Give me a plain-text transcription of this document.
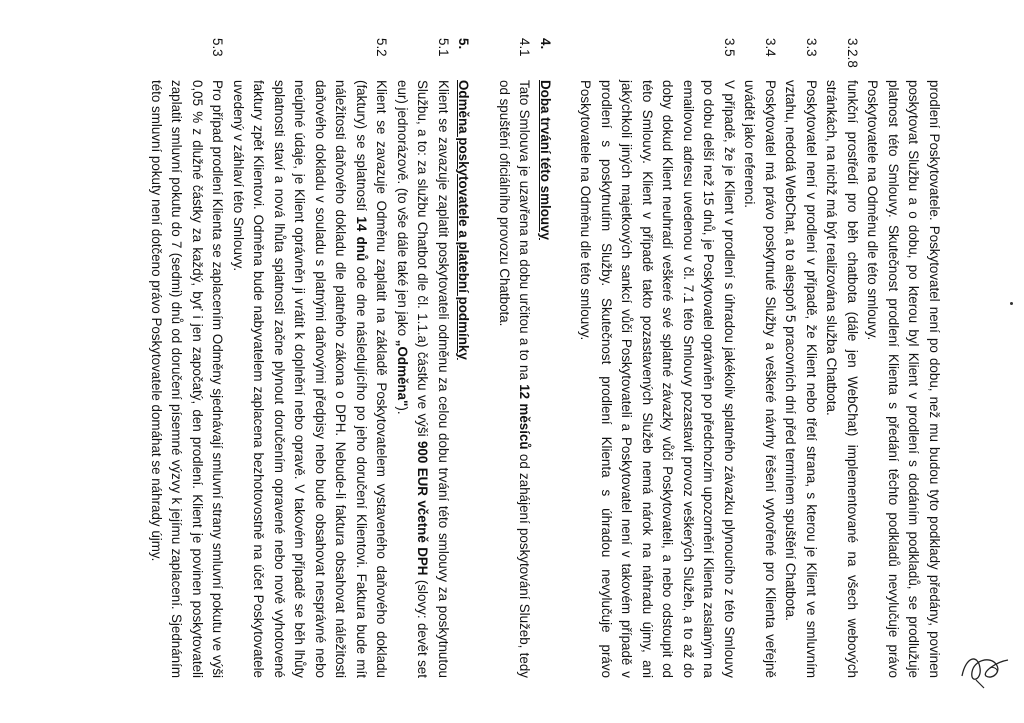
prodlení Poskytovatele. Poskytovatel není po dobu, než mu budou tyto podklady předány, povinen poskytovat Službu a o dobu, po kterou byl Klient v prodlení s dodáním podkladů, se prodlužuje platnost této Smlouvy. Skutečnost prodlení Klienta s předání těchto podkladů nevylučuje právo Poskytovatele na Odměnu dle této smlouvy.
3.2.8
funkční prostředí pro běh chatbota (dále jen WebChat) implementované na všech webových stránkách, na nichž má být realizována služba Chatbota.
3.3
Poskytovatel není v prodlení v případě, že Klient nebo třetí strana, s kterou je Klient ve smluvním vztahu, nedodá WebChat, a to alespoň 5 pracovních dní před termínem spuštění Chatbota.
3.4
Poskytovatel má právo poskytnuté Služby a veškeré návrhy řešení vytvořené pro Klienta veřejně uvádět jako referenci.
3.5
V případě, že je Klient v prodlení s úhradou jakékoliv splatného závazku plynoucího z této Smlouvy po dobu delší než 15 dnů, je Poskytovatel oprávněn po předchozím upozornění Klienta zaslaným na emailovou adresu uvedenou v čl. 7.1 této Smlouvy pozastavit provoz veškerých Služeb, a to až do doby dokud Klient neuhradí veškeré své splatné závazky vůči Poskytovateli, a nebo odstoupit od této Smlouvy. Klient v případě takto pozastavených Služeb nemá nárok na náhradu újmy, ani jakýchkoli jiných majetkových sankcí vůči Poskytovateli a Poskytovatel není v takovém případě v prodlení s poskytnutím Služby. Skutečnost prodlení Klienta s úhradou nevylučuje právo Poskytovatele na Odměnu dle této smlouvy.
4.
Doba trvání této smlouvy
4.1
Tato Smlouva je uzavřena na dobu určitou a to na 12 měsíců od zahájení poskytování Služeb, tedy od spuštění oficiálního provozu Chatbota.
5.
Odměna poskytovatele a platební podmínky
5.1
Klient se zavazuje zaplatit poskytovateli odměnu za celou dobu trvání této smlouvy za poskytnutou Službu, a to: za službu Chatbot dle čl. 1.1.a) částku ve výši 900 EUR včetně DPH (slovy: devět set eur) jednorázově. (to vše dále také jen jako „Odměna").
5.2
Klient se zavazuje Odměnu zaplatit na základě Poskytovatelem vystaveného daňového dokladu (faktury) se splatností 14 dnů ode dne následujícího po jeho doručení Klientovi. Faktura bude mít náležitosti daňového dokladu dle platného zákona o DPH. Nebude-li faktura obsahovat náležitosti daňového dokladu v souladu s platnými daňovými předpisy nebo bude obsahovat nesprávné nebo neúplné údaje, je Klient oprávněn ji vrátit k doplnění nebo opravě. V takovém případě se běh lhůty splatnosti staví a nová lhůta splatnosti začne plynout doručením opravené nebo nově vyhotovené faktury zpět Klientovi. Odměna bude nabyvatelem zaplacena bezhotovostně na účet Poskytovatele uvedený v záhlaví této Smlouvy.
5.3
Pro případ prodlení Klienta se zaplacením Odměny sjednávají smluvní strany smluvní pokutu ve výši 0,05 % z dlužné částky za každý, byť i jen započatý, den prodlení. Klient je povinen poskytovateli zaplatit smluvní pokutu do 7 (sedmi) dnů od doručení písemné výzvy k jejímu zaplacení. Sjednáním této smluvní pokuty není dotčeno právo Poskytovatele domáhat se náhrady újmy.
